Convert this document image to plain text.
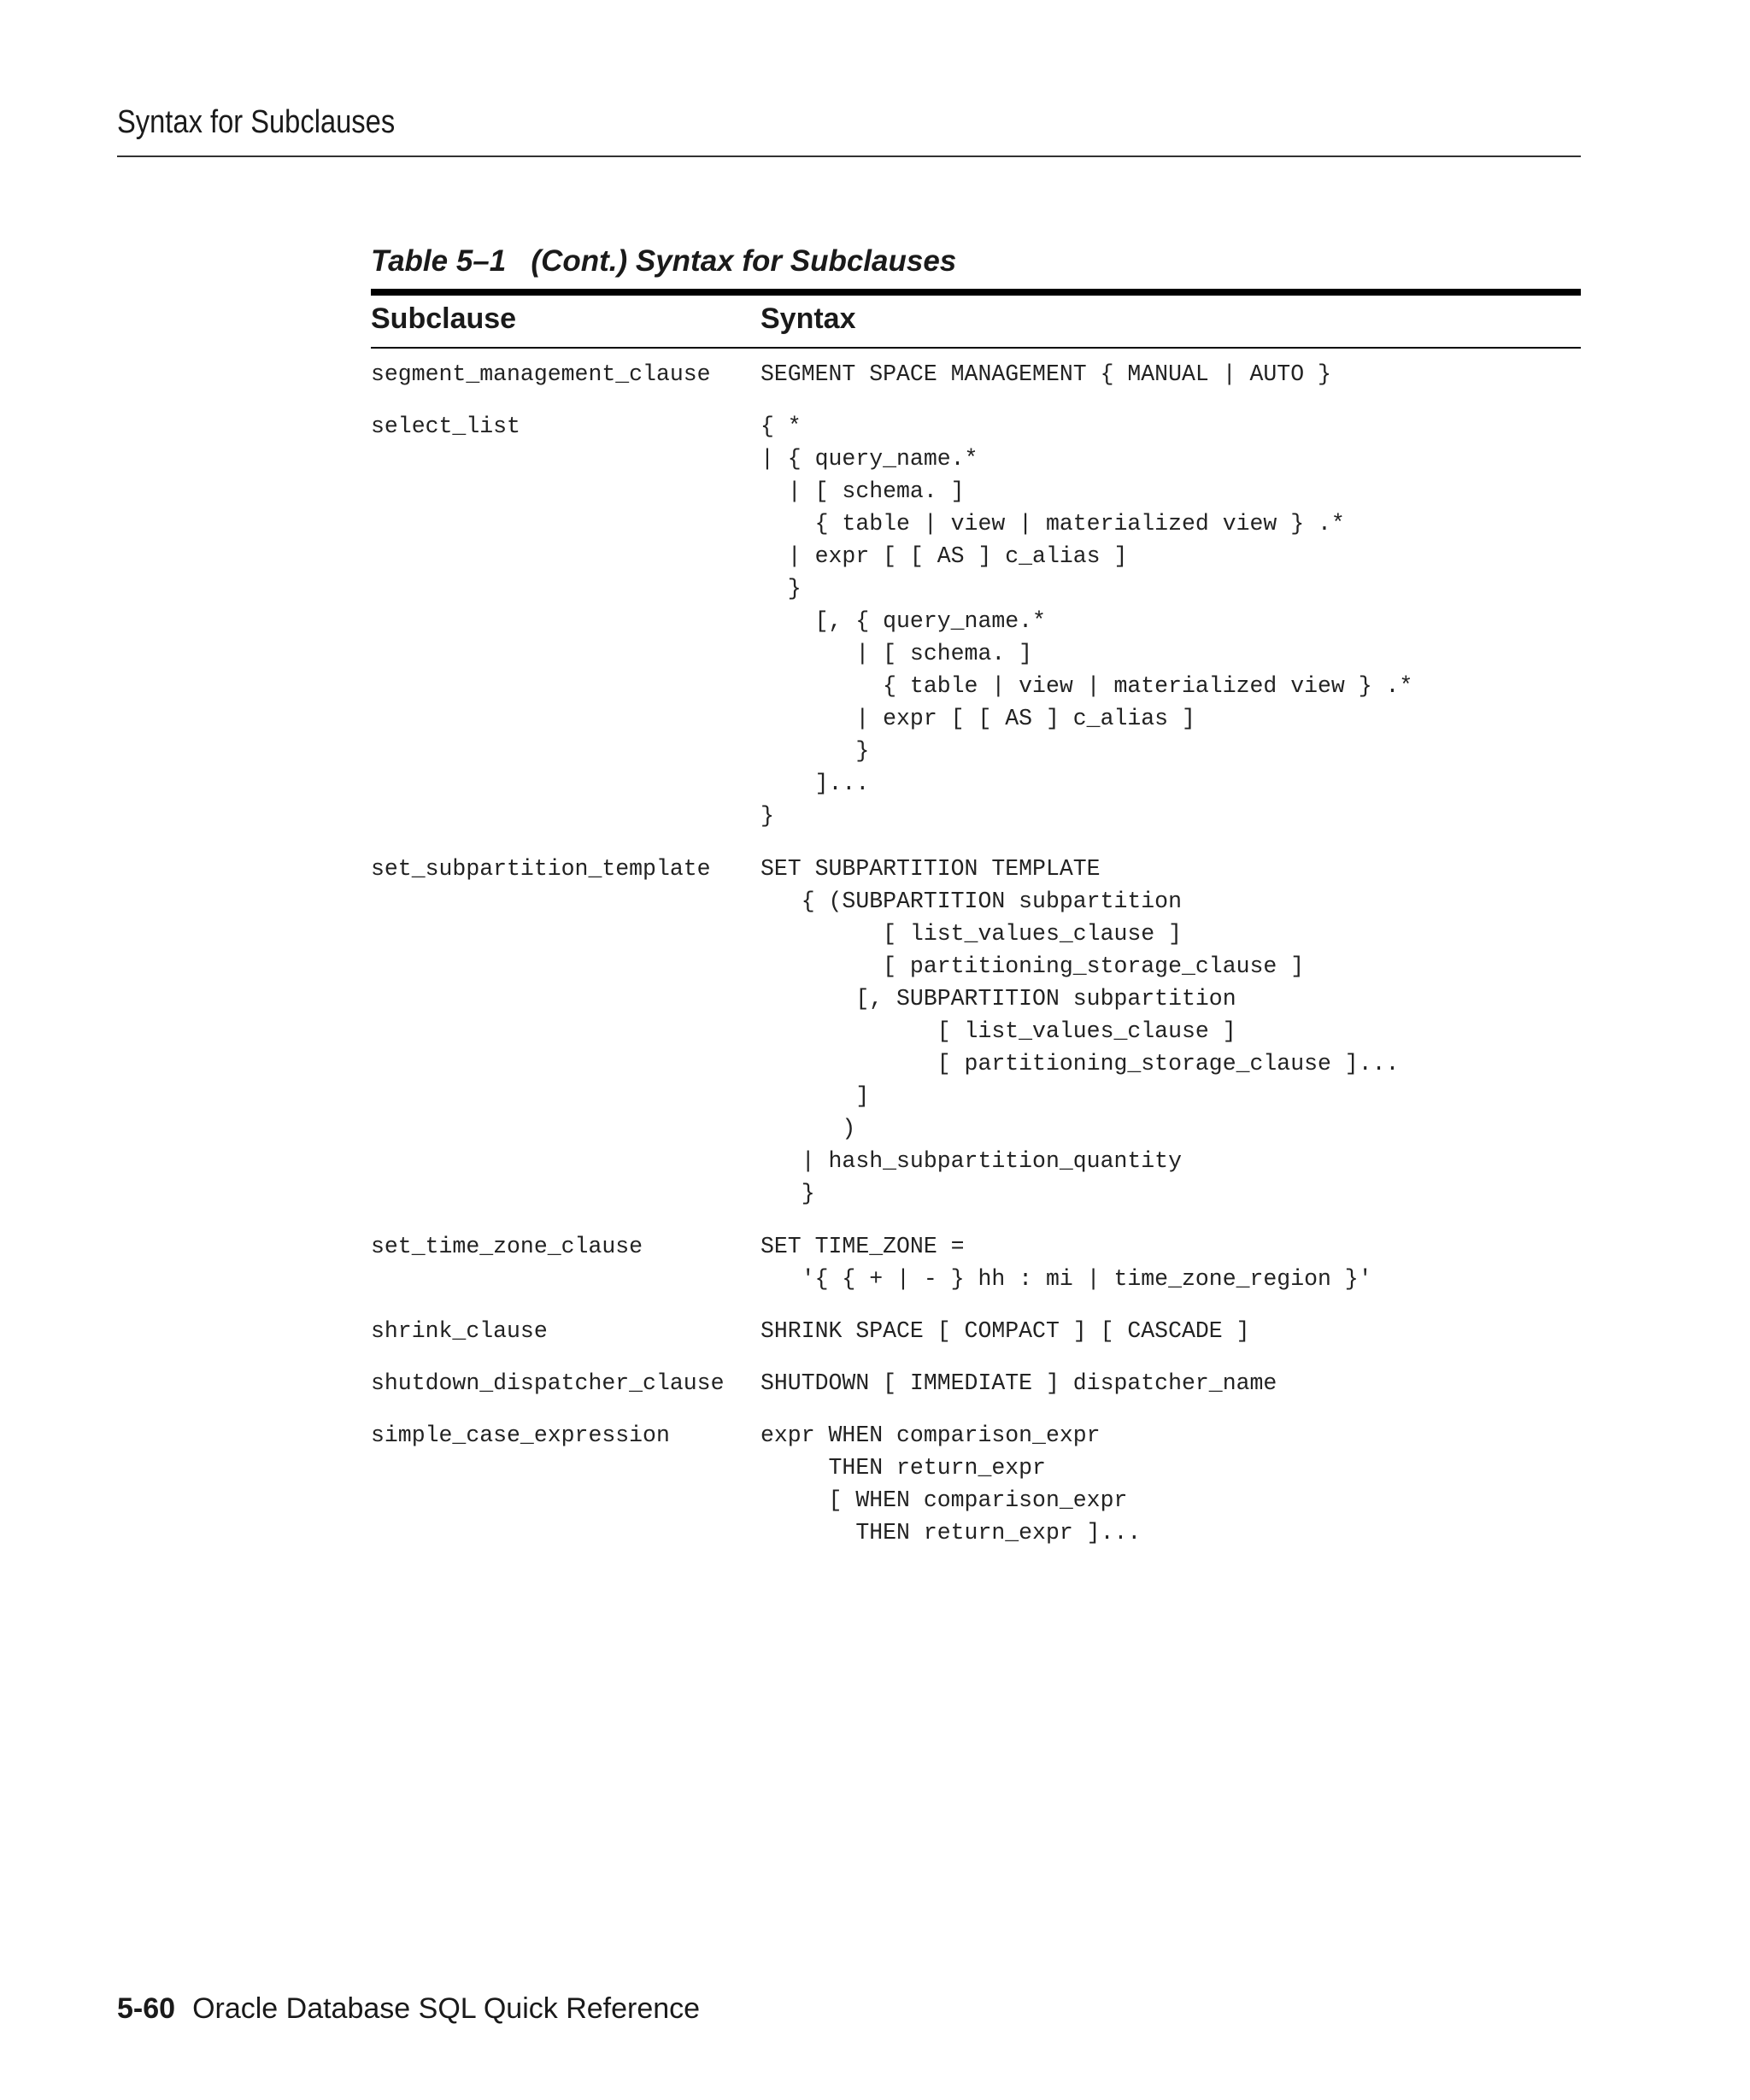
Syntax for Subclauses
Table 5–1   (Cont.) Syntax for Subclauses
Subclause	Syntax
segment_management_clause SEGMENT SPACE MANAGEMENT { MANUAL | AUTO }
select_list	{ *
| { query_name.*
| [ schema. ]
{ table | view | materialized view } .*
| expr [ [ AS ] c_alias ]
}
[, { query_name.*
| [ schema. ]
{ table | view | materialized view } .*
| expr [ [ AS ] c_alias ]
}
]...
}
set_subpartition_template SET SUBPARTITION TEMPLATE
{ (SUBPARTITION subpartition
[ list_values_clause ]
[ partitioning_storage_clause ]
[, SUBPARTITION subpartition
[ list_values_clause ]
[ partitioning_storage_clause ]...
]
)
| hash_subpartition_quantity
}
set_time_zone_clause	SET TIME_ZONE =
'{ { + | - } hh : mi | time_zone_region }'
shrink_clause	SHRINK SPACE [ COMPACT ] [ CASCADE ]
shutdown_dispatcher_clause SHUTDOWN [ IMMEDIATE ] dispatcher_name
simple_case_expression	expr WHEN comparison_expr
THEN return_expr
[ WHEN comparison_expr
THEN return_expr ]...
5-60 Oracle Database SQL Quick Reference
